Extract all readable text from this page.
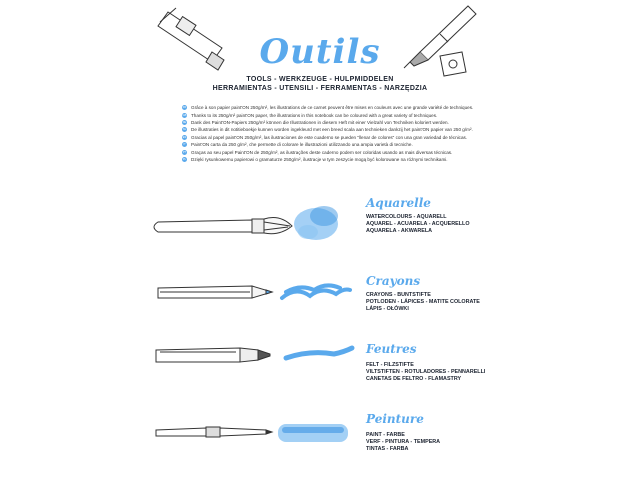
Outils
TOOLS - WERKZEUGE - HULPMIDDELEN
HERRAMIENTAS - UTENSILI - FERRAMENTAS - NARZĘDZIA
FR Grâce à son papier paint'ON 250g/m², les illustrations de ce carnet peuvent être mises en couleurs avec une grande variété de techniques.
GB Thanks to its 250g/m² paint'ON paper, the illustrations in this notebook can be coloured with a great variety of techniques.
DE Dank des Paint'ON-Papiers 250g/m² können die Illustrationen in diesem Heft mit einer Vielzahl von Techniken koloriert werden.
NL De illustraties in dit notitieboekje kunnen worden ingekleurd met een breed scala aan technieken dankzij het paint'ON papier van 250 g/m².
ES Gracias al papel paint'ON 250g/m², las ilustraciones de este cuaderno se pueden "llenar de colores" con una gran variedad de técnicas.
IT Paint'ON carta da 250 g/m², che permette di colorare le illustrazioni utilizzando una ampia varietà di tecniche.
PT Graças ao seu papel Paint'ON de 250g/m², as ilustrações deste caderno podem ser coloridas usando as mais diversas técnicas.
PL Dzięki rysunkowemu papierowi o gramaturze 250g/m², ilustracje w tym zeszycie mogą być kolorowane na różnymi technikami.
Aquarelle
WATERCOLOURS - AQUARELL
AQUAREL - ACUARELA - ACQUERELLO
AQUARELA - AKWARELA
Crayons
CRAYONS - BUNTSTIFTE
POTLODEN - LÁPICES - MATITE COLORATE
LÁPIS - OŁÓWKI
Feutres
FELT - FILZSTIFTE
VILTSTIFTEN - ROTULADORES - PENNARELLI
CANETAS DE FELTRO - FLAMASTRY
Peinture
PAINT - FARBE
VERF - PINTURA - TEMPERA
TINTAS - FARBA
